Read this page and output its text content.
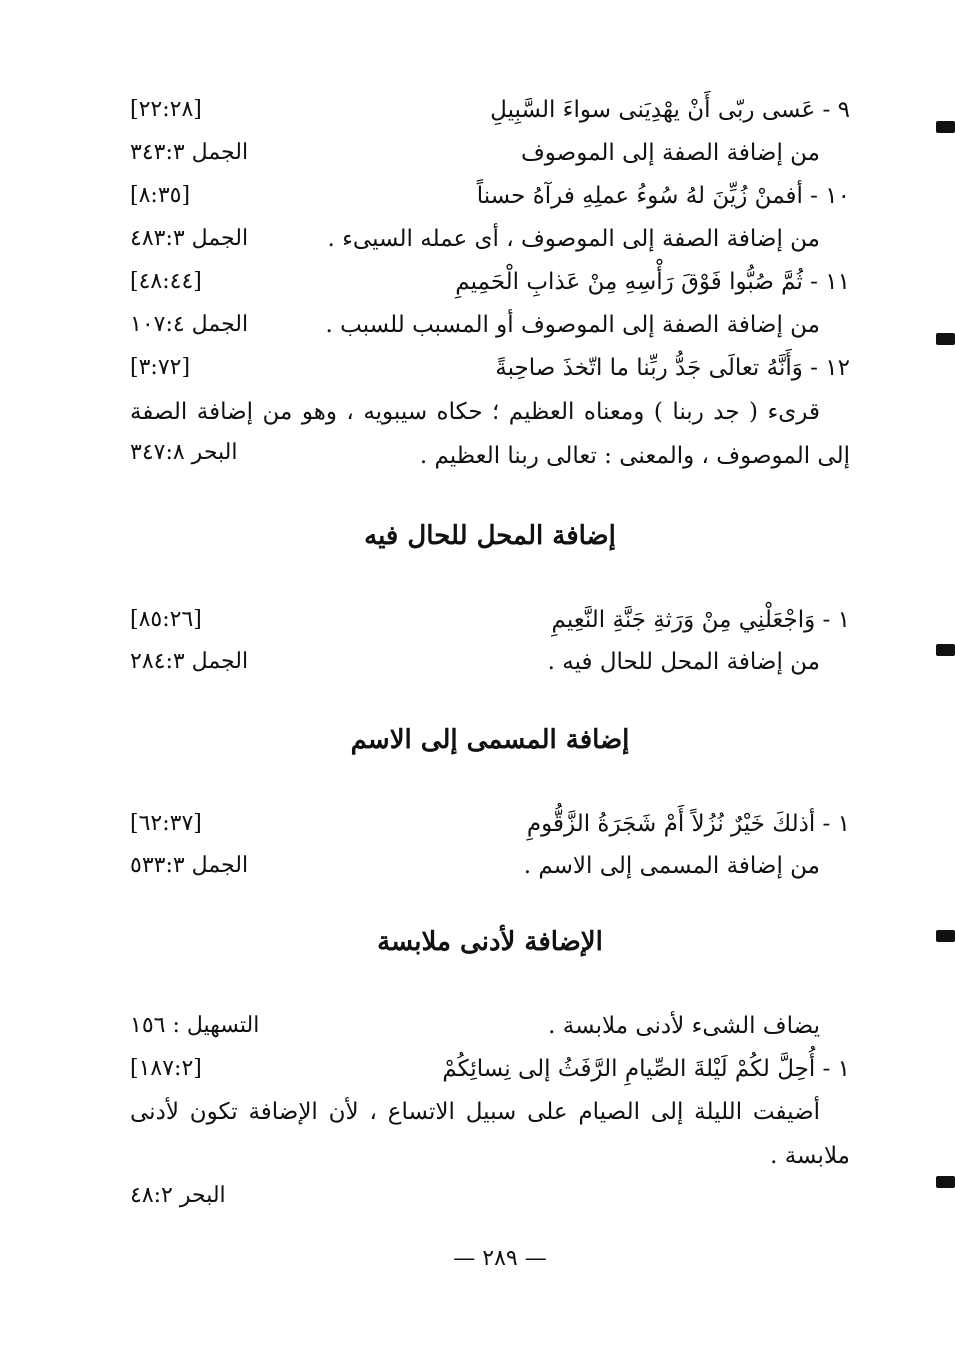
٩ - عَسى ربّى أَنْ يهْدِيَنى سواءَ السَّبِيلِ
[٢٢:٢٨]
من إضافة الصفة إلى الموصوف
الجمل ٣٤٣:٣
١٠ - أفمنْ زُيِّنَ لهُ سُوءُ عملِهِ فرآهُ حسناً
[٨:٣٥]
من إضافة الصفة إلى الموصوف ، أى عمله السيىء .
الجمل ٤٨٣:٣
١١ - ثُمَّ صُبُّوا فَوْقَ رَأْسِهِ مِنْ عَذابِ الْحَمِيمِ
[٤٨:٤٤]
من إضافة الصفة إلى الموصوف أو المسبب للسبب .
الجمل ١٠٧:٤
١٢ - وَأَنَّهُ تعالَى جَدُّ ربِّنا ما اتّخذَ صاحِبةً
[٣:٧٢]
قرىء ( جد ربنا ) ومعناه العظيم ؛ حكاه سيبويه ، وهو من إضافة الصفة إلى الموصوف ، والمعنى : تعالى ربنا العظيم .
البحر ٣٤٧:٨
إضافة المحل للحال فيه
١ - وَاجْعَلْنِي مِنْ وَرَثةِ جَنَّةِ النَّعِيمِ
[٨٥:٢٦]
من إضافة المحل للحال فيه .
الجمل ٢٨٤:٣
إضافة المسمى إلى الاسم
١ - أذلكَ خَيْرٌ نُزُلاً أَمْ شَجَرَةُ الزَّقُّومِ
[٦٢:٣٧]
من إضافة المسمى إلى الاسم .
الجمل ٥٣٣:٣
الإضافة لأدنى ملابسة
يضاف الشىء لأدنى ملابسة .
التسهيل : ١٥٦
١ - أُحِلَّ لكُمْ لَيْلةَ الصِّيامِ الرَّفَثُ إلى نِسائِكُمْ
[١٨٧:٢]
أضيفت الليلة إلى الصيام على سبيل الاتساع ، لأن الإضافة تكون لأدنى ملابسة .
البحر ٤٨:٢
— ٢٨٩ —
